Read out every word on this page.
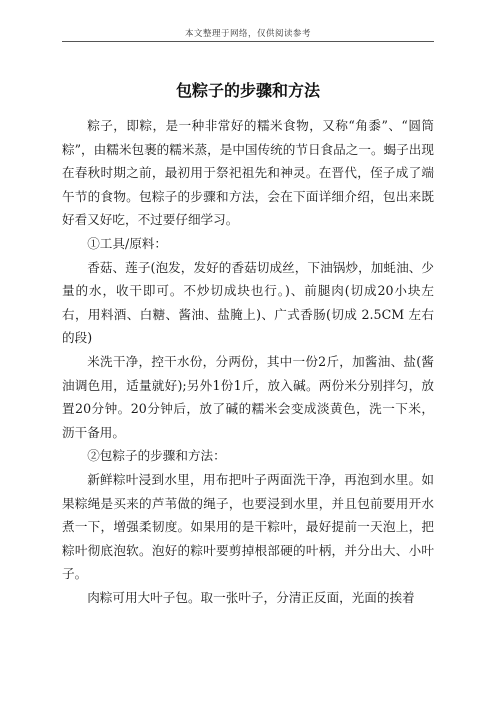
本文整理于网络，仅供阅读参考
包粽子的步骤和方法

粽子，即粽，是一种非常好的糯米食物，又称“角黍”、“圆筒粽”，由糯米包裹的糯米蒸，是中国传统的节日食品之一。蝎子出现在春秋时期之前，最初用于祭祀祖先和神灵。在晋代，侄子成了端午节的食物。包粽子的步骤和方法，会在下面详细介绍，包出来既好看又好吃，不过要仔细学习。

①工具/原料：

香菇、莲子(泡发，发好的香菇切成丝，下油锅炒，加蚝油、少量的水，收干即可。不炒切成块也行。)、前腿肉(切成20小块左右，用料酒、白糖、酱油、盐腌上)、广式香肠(切成 2.5CM 左右的段)

米洗干净，控干水份，分两份，其中一份2斤，加酱油、盐(酱油调色用，适量就好);另外1份1斤，放入碱。两份米分别拌匀，放置20分钟。20分钟后，放了碱的糯米会变成淡黄色，洗一下米，沥干备用。

②包粽子的步骤和方法：

新鲜粽叶浸到水里，用布把叶子两面洗干净，再泡到水里。如果粽绳是买来的芦苇做的绳子，也要浸到水里，并且包前要用开水煮一下，增强柔韧度。如果用的是干粽叶，最好提前一天泡上，把粽叶彻底泡软。泡好的粽叶要剪掉根部硬的叶柄，并分出大、小叶子。

肉粽可用大叶子包。取一张叶子，分清正反面，光面的挨着
